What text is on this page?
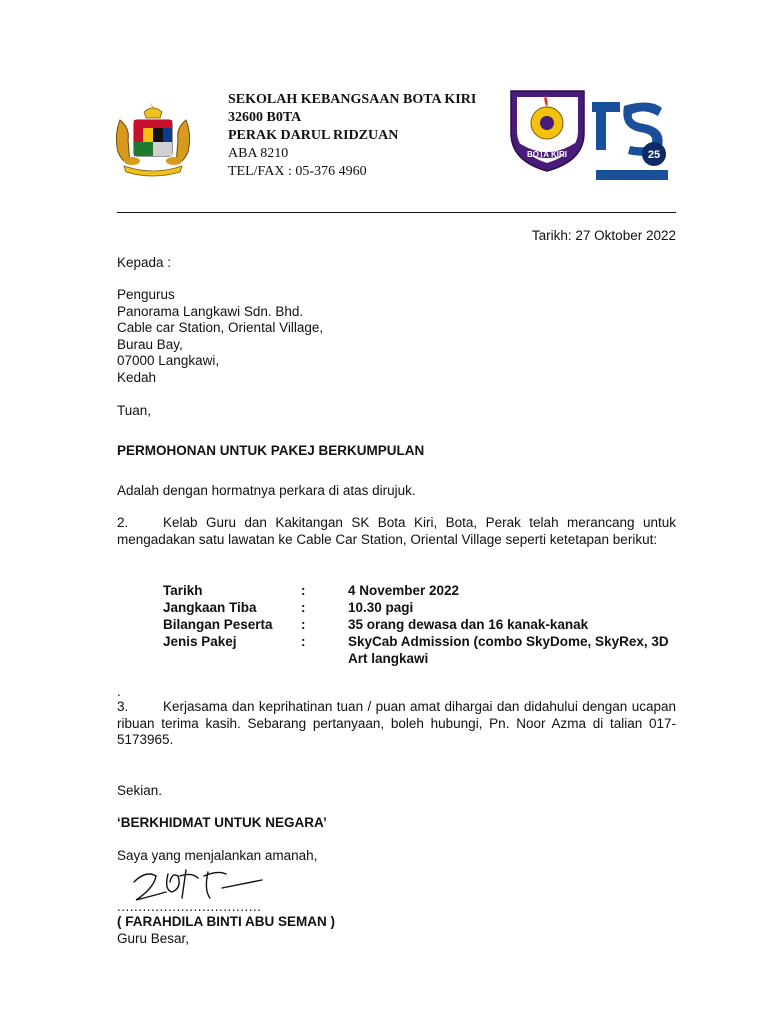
SEKOLAH KEBANGSAAN BOTA KIRI
32600 B0TA
PERAK DARUL RIDZUAN
ABA 8210
TEL/FAX : 05-376 4960
BOTA KIRI	25
Tarikh: 27 Oktober 2022
Kepada :
Pengurus
Panorama Langkawi Sdn. Bhd.
Cable car Station, Oriental Village,
Burau Bay,
07000 Langkawi,
Kedah
Tuan,
PERMOHONAN UNTUK PAKEJ BERKUMPULAN
Adalah dengan hormatnya perkara di atas dirujuk.
2.	Kelab Guru dan Kakitangan SK Bota Kiri, Bota, Perak telah merancang untuk mengadakan satu lawatan ke Cable Car Station, Oriental Village seperti ketetapan berikut:
Tarikh	:	4 November 2022
Jangkaan Tiba	:	10.30 pagi
Bilangan Peserta	:	35 orang dewasa dan 16 kanak-kanak
Jenis Pakej	:	SkyCab Admission (combo SkyDome, SkyRex, 3D Art langkawi
.
3.	Kerjasama dan keprihatinan tuan / puan amat dihargai dan didahului dengan ucapan ribuan terima kasih. Sebarang pertanyaan, boleh hubungi, Pn. Noor Azma di talian 017-5173965.
Sekian.
‘BERKHIDMAT UNTUK NEGARA’
Saya yang menjalankan amanah,
..................................
( FARAHDILA BINTI ABU SEMAN )
Guru Besar,
